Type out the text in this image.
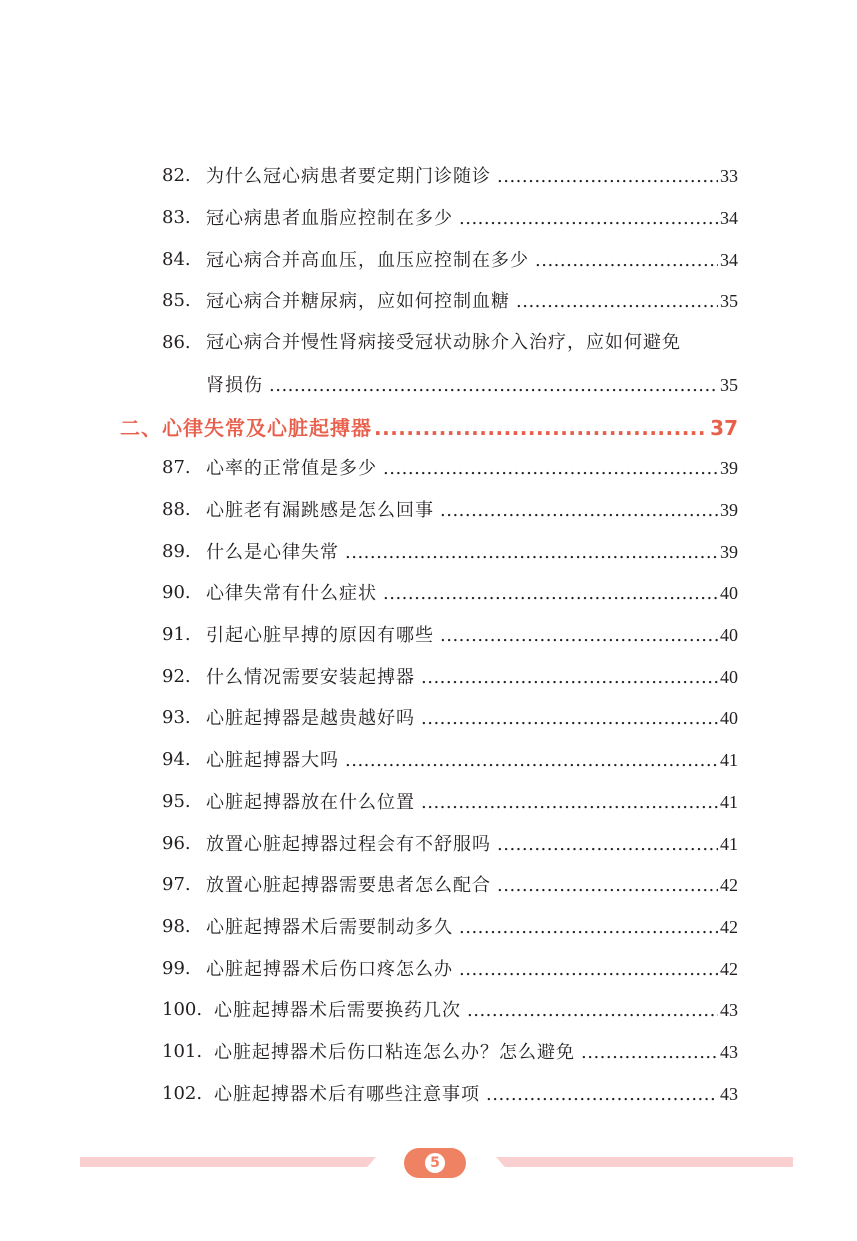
82. 为什么冠心病患者要定期门诊随诊 .....	33
83. 冠心病患者血脂应控制在多少 .....	34
84. 冠心病合并高血压，血压应控制在多少 .....	34
85. 冠心病合并糖尿病，应如何控制血糖 .....	35
86. 冠心病合并慢性肾病接受冠状动脉介入治疗，应如何避免
肾损伤 .....	35
二、心律失常及心脏起搏器 .....	37
87. 心率的正常值是多少 .....	39
88. 心脏老有漏跳感是怎么回事 .....	39
89. 什么是心律失常 .....	39
90. 心律失常有什么症状 .....	40
91. 引起心脏早搏的原因有哪些 .....	40
92. 什么情况需要安装起搏器 .....	40
93. 心脏起搏器是越贵越好吗 .....	40
94. 心脏起搏器大吗 .....	41
95. 心脏起搏器放在什么位置 .....	41
96. 放置心脏起搏器过程会有不舒服吗 .....	41
97. 放置心脏起搏器需要患者怎么配合 .....	42
98. 心脏起搏器术后需要制动多久 .....	42
99. 心脏起搏器术后伤口疼怎么办 .....	42
100. 心脏起搏器术后需要换药几次 .....	43
101. 心脏起搏器术后伤口粘连怎么办？怎么避免 .....	43
102. 心脏起搏器术后有哪些注意事项 .....	43
5
